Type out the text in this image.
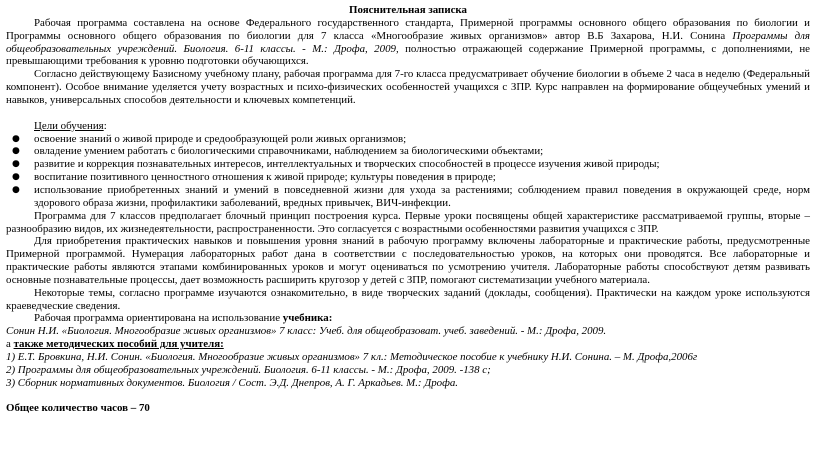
Пояснительная записка

Рабочая программа составлена на основе Федерального государственного стандарта, Примерной программы основного общего образования по биологии и Программы основного общего образования по биологии для 7 класса «Многообразие живых организмов» автор В.Б Захарова, Н.И. Сонина Программы для общеобразовательных учреждений. Биология. 6-11 классы. - М.: Дрофа, 2009, полностью отражающей содержание Примерной программы, с дополнениями, не превышающими требования к уровню подготовки обучающихся.

Согласно действующему Базисному учебному плану, рабочая программа для 7-го класса предусматривает обучение биологии в объеме 2 часа в неделю (Федеральный компонент). Особое внимание уделяется учету возрастных и психо-физических особенностей учащихся с ЗПР. Курс направлен на формирование общеучебных умений и навыков, универсальных способов деятельности и ключевых компетенций.

Цели обучения:

● освоение знаний о живой природе и средообразующей роли живых организмов;
● овладение умением работать с биологическими справочниками, наблюдением за биологическими объектами;
● развитие и коррекция познавательных интересов, интеллектуальных и творческих способностей в процессе изучения живой природы;
● воспитание позитивного ценностного отношения к живой природе; культуры поведения в природе;
● использование приобретенных знаний и умений в повседневной жизни для ухода за растениями; соблюдением правил поведения в окружающей среде, норм здорового образа жизни, профилактики заболеваний, вредных привычек, ВИЧ-инфекции.

Программа для 7 классов предполагает блочный принцип построения курса. Первые уроки посвящены общей характеристике рассматриваемой группы, вторые – разнообразию видов, их жизнедеятельности, распространенности. Это согласуется с возрастными особенностями развития учащихся с ЗПР.

Для приобретения практических навыков и повышения уровня знаний в рабочую программу включены лабораторные и практические работы, предусмотренные Примерной программой. Нумерация лабораторных работ дана в соответствии с последовательностью уроков, на которых они проводятся. Все лабораторные и практические работы являются этапами комбинированных уроков и могут оцениваться по усмотрению учителя. Лабораторные работы способствуют детям развивать основные познавательные процессы, дает возможность расширить кругозор у детей с ЗПР, помогают систематизации учебного материала.

Некоторые темы, согласно программе изучаются ознакомительно, в виде творческих заданий (доклады, сообщения). Практически на каждом уроке используются краеведческие сведения.

Рабочая программа ориентирована на использование учебника:

Сонин Н.И. «Биология. Многообразие живых организмов» 7 класс: Учеб. для общеобразоват. учеб. заведений. - М.: Дрофа, 2009.

а также методических пособий для учителя:

1) Е.Т. Бровкина, Н.И. Сонин. «Биология. Многообразие живых организмов» 7 кл.: Методическое пособие к учебнику Н.И. Сонина. – М. Дрофа,2006г

2) Программы для общеобразовательных учреждений. Биология. 6-11 классы. - М.: Дрофа, 2009. -138 с;

3) Сборник нормативных документов. Биология / Сост. Э.Д. Днепров, А. Г. Аркадьев. М.: Дрофа.

Общее количество часов – 70
